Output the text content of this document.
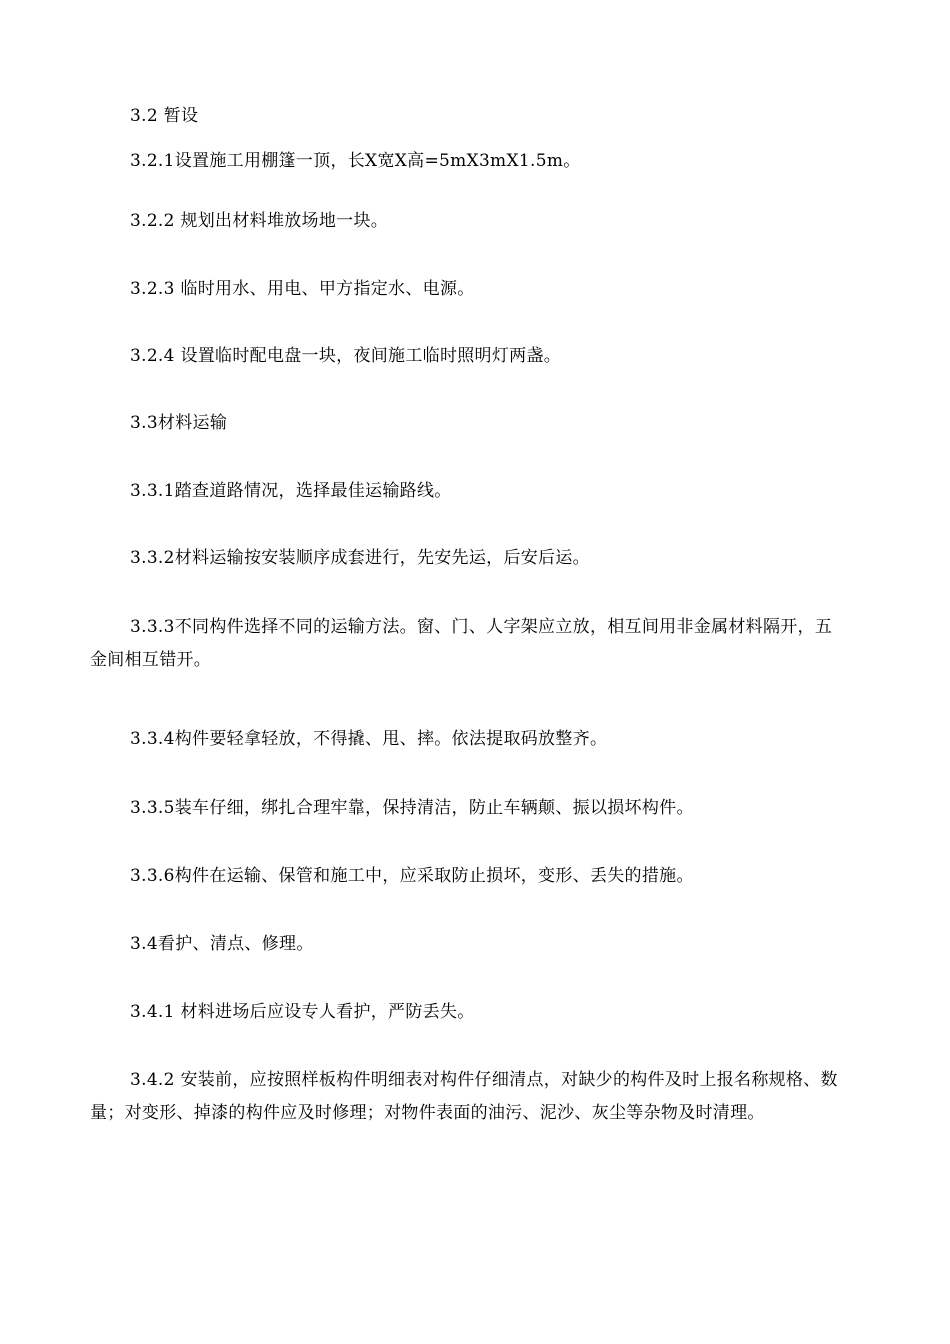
3.2 暂设

3.2.1设置施工用棚篷一顶，长X宽X高=5mX3mX1.5m。

3.2.2 规划出材料堆放场地一块。

3.2.3 临时用水、用电、甲方指定水、电源。

3.2.4 设置临时配电盘一块，夜间施工临时照明灯两盏。

3.3材料运输

3.3.1踏查道路情况，选择最佳运输路线。

3.3.2材料运输按安装顺序成套进行，先安先运，后安后运。

3.3.3不同构件选择不同的运输方法。窗、门、人字架应立放，相互间用非金属材料隔开，五金间相互错开。

3.3.4构件要轻拿轻放，不得撬、甩、摔。依法提取码放整齐。

3.3.5装车仔细，绑扎合理牢靠，保持清洁，防止车辆颠、振以损坏构件。

3.3.6构件在运输、保管和施工中，应采取防止损坏，变形、丢失的措施。

3.4看护、清点、修理。

3.4.1 材料进场后应设专人看护，严防丢失。

3.4.2 安装前，应按照样板构件明细表对构件仔细清点，对缺少的构件及时上报名称规格、数量；对变形、掉漆的构件应及时修理；对物件表面的油污、泥沙、灰尘等杂物及时清理。
